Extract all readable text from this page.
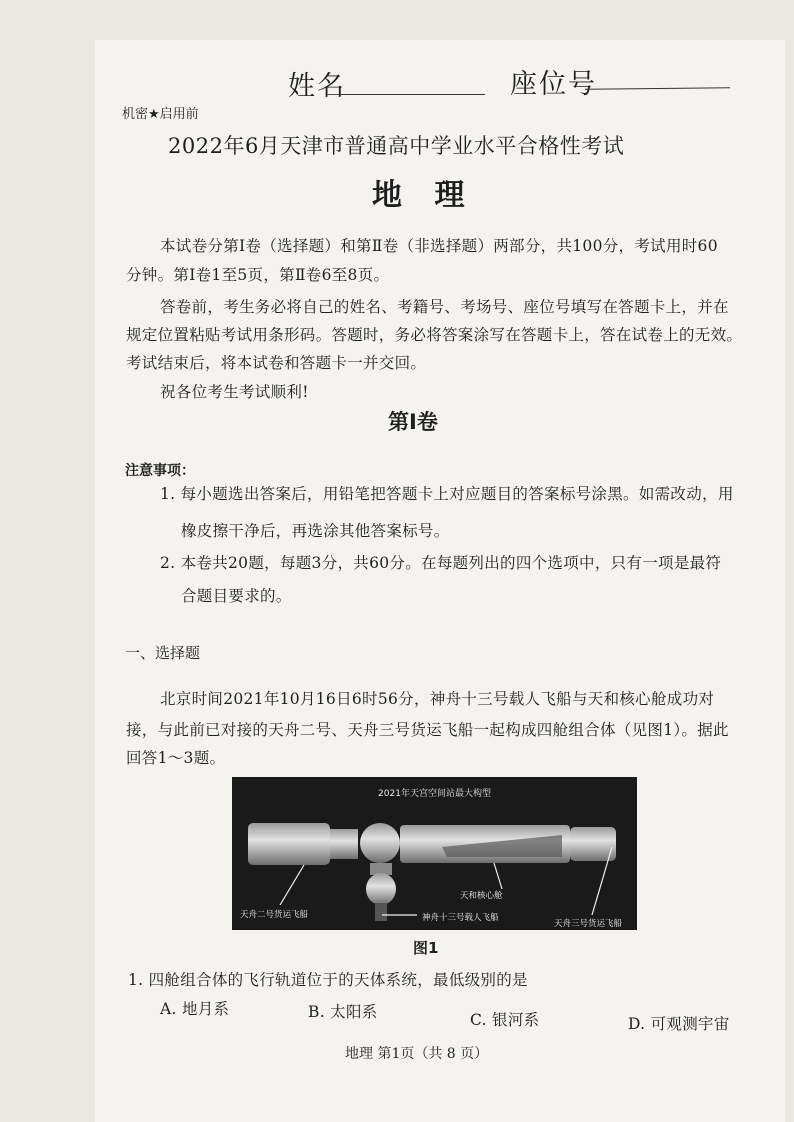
姓名	座位号
机密★启用前
2022年6月天津市普通高中学业水平合格性考试
地 理
本试卷分第Ⅰ卷（选择题）和第Ⅱ卷（非选择题）两部分，共100分，考试用时60
分钟。第Ⅰ卷1至5页，第Ⅱ卷6至8页。
答卷前，考生务必将自己的姓名、考籍号、考场号、座位号填写在答题卡上，并在
规定位置粘贴考试用条形码。答题时，务必将答案涂写在答题卡上，答在试卷上的无效。
考试结束后，将本试卷和答题卡一并交回。
祝各位考生考试顺利!
第Ⅰ卷
注意事项：
1. 每小题选出答案后，用铅笔把答题卡上对应题目的答案标号涂黑。如需改动，用
橡皮擦干净后，再选涂其他答案标号。
2. 本卷共20题，每题3分，共60分。在每题列出的四个选项中，只有一项是最符
合题目要求的。
一、选择题
北京时间2021年10月16日6时56分，神舟十三号载人飞船与天和核心舱成功对
接，与此前已对接的天舟二号、天舟三号货运飞船一起构成四舱组合体（见图1）。据此
回答1～3题。
2021年天宫空间站最大构型
天和核心舱
天舟二号货运飞船	神舟十三号载人飞船
天舟三号货运飞船
图1
1. 四舱组合体的飞行轨道位于的天体系统，最低级别的是
A. 地月系	B. 太阳系	C. 银河系	D. 可观测宇宙
地理 第1页（共 8 页）
